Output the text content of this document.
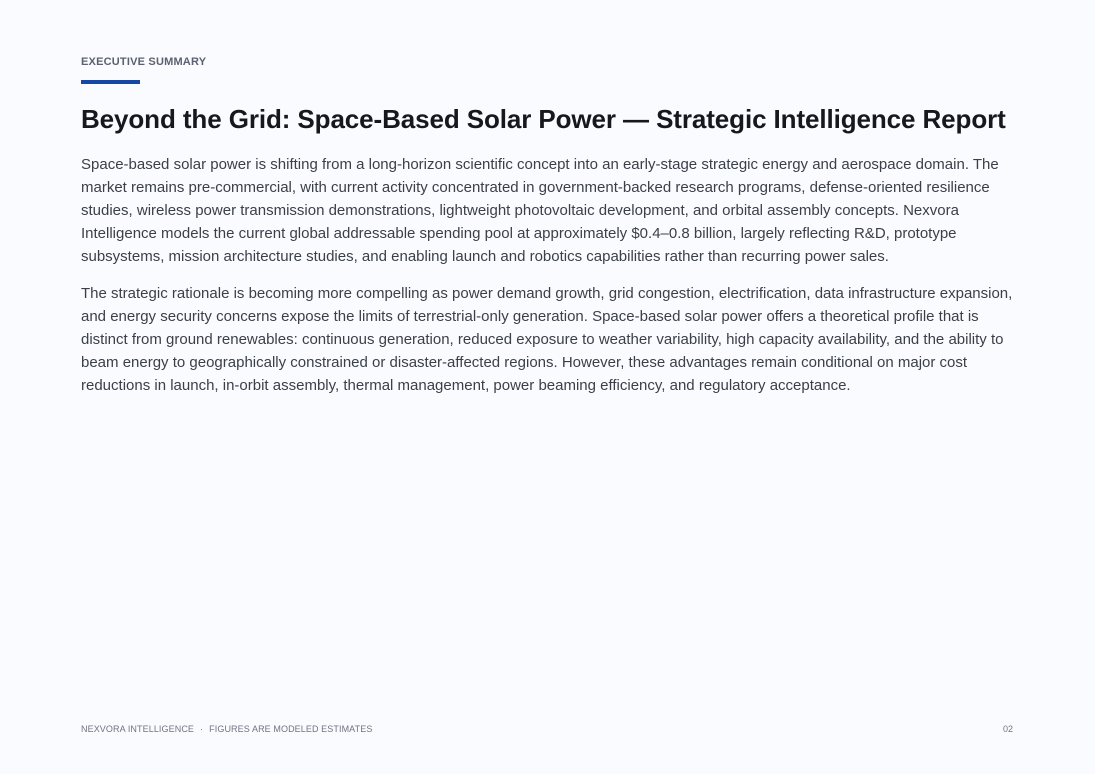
EXECUTIVE SUMMARY
Beyond the Grid: Space-Based Solar Power — Strategic Intelligence Report

Space-based solar power is shifting from a long-horizon scientific concept into an early-stage strategic energy and aerospace domain. The market remains pre-commercial, with current activity concentrated in government-backed research programs, defense-oriented resilience studies, wireless power transmission demonstrations, lightweight photovoltaic development, and orbital assembly concepts. Nexvora Intelligence models the current global addressable spending pool at approximately $0.4–0.8 billion, largely reflecting R&D, prototype subsystems, mission architecture studies, and enabling launch and robotics capabilities rather than recurring power sales.

The strategic rationale is becoming more compelling as power demand growth, grid congestion, electrification, data infrastructure expansion, and energy security concerns expose the limits of terrestrial-only generation. Space-based solar power offers a theoretical profile that is distinct from ground renewables: continuous generation, reduced exposure to weather variability, high capacity availability, and the ability to beam energy to geographically constrained or disaster-affected regions. However, these advantages remain conditional on major cost reductions in launch, in-orbit assembly, thermal management, power beaming efficiency, and regulatory acceptance.

NEXVORA INTELLIGENCE · FIGURES ARE MODELED ESTIMATES	02
